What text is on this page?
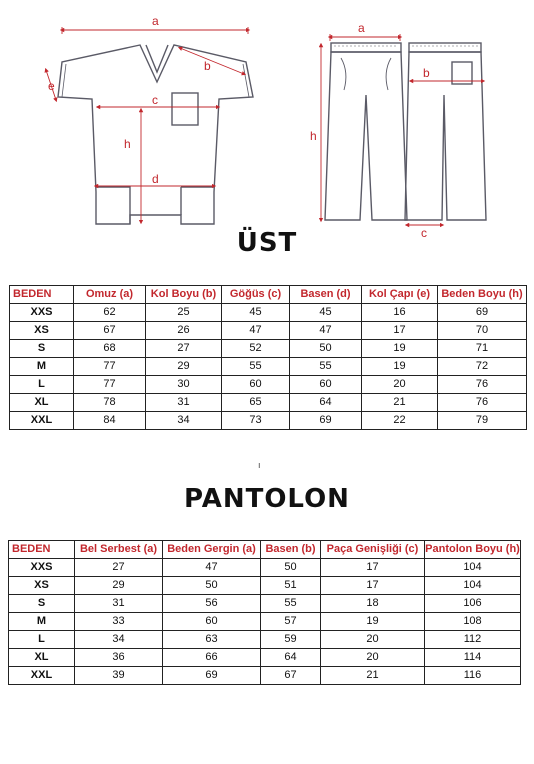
a
b
c
d
e
h
a
b
c
h
ÜST
BEDEN	Omuz (a)	Kol Boyu (b)	Göğüs (c)	Basen (d)	Kol Çapı (e)	Beden Boyu (h)
XXS	62	25	45	45	16	69
XS	67	26	47	47	17	70
S	68	27	52	50	19	71
M	77	29	55	55	19	72
L	77	30	60	60	20	76
XL	78	31	65	64	21	76
XXL	84	34	73	69	22	79
ı
PANTOLON
BEDEN	Bel Serbest (a)	Beden Gergin (a)	Basen (b)	Paça Genişliği (c)	Pantolon Boyu (h)
XXS	27	47	50	17	104
XS	29	50	51	17	104
S	31	56	55	18	106
M	33	60	57	19	108
L	34	63	59	20	112
XL	36	66	64	20	114
XXL	39	69	67	21	116
